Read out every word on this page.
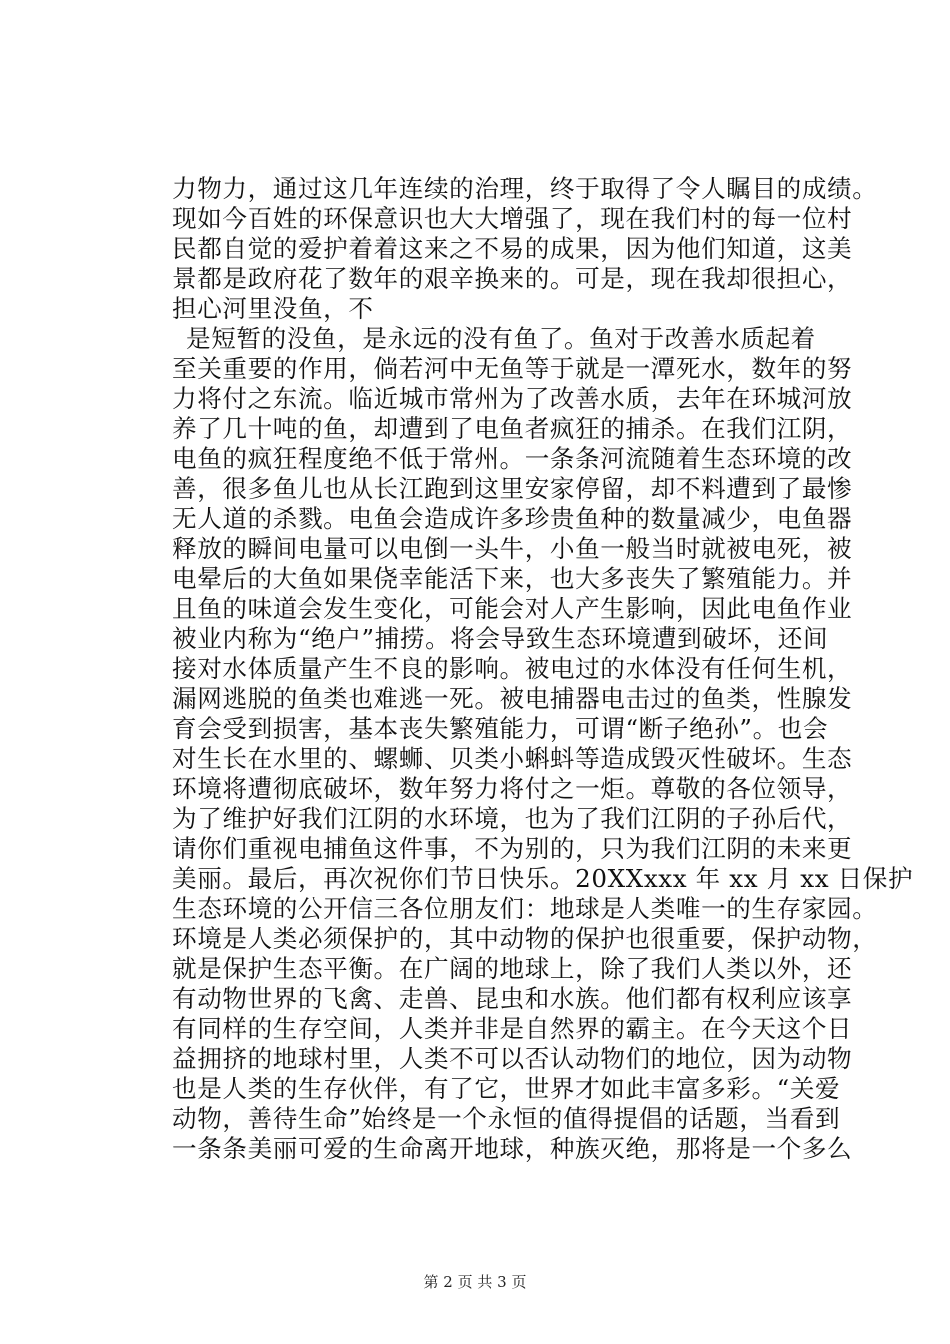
力物力，通过这几年连续的治理，终于取得了令人瞩目的成绩。

现如今百姓的环保意识也大大增强了，现在我们村的每一位村

民都自觉的爱护着着这来之不易的成果，因为他们知道，这美

景都是政府花了数年的艰辛换来的。可是，现在我却很担心，

担心河里没鱼，不

是短暂的没鱼，是永远的没有鱼了。鱼对于改善水质起着

至关重要的作用，倘若河中无鱼等于就是一潭死水，数年的努

力将付之东流。临近城市常州为了改善水质，去年在环城河放

养了几十吨的鱼，却遭到了电鱼者疯狂的捕杀。在我们江阴，

电鱼的疯狂程度绝不低于常州。一条条河流随着生态环境的改

善，很多鱼儿也从长江跑到这里安家停留，却不料遭到了最惨

无人道的杀戮。电鱼会造成许多珍贵鱼种的数量减少，电鱼器

释放的瞬间电量可以电倒一头牛，小鱼一般当时就被电死，被

电晕后的大鱼如果侥幸能活下来，也大多丧失了繁殖能力。并

且鱼的味道会发生变化，可能会对人产生影响，因此电鱼作业

被业内称为“绝户”捕捞。将会导致生态环境遭到破坏，还间

接对水体质量产生不良的影响。被电过的水体没有任何生机，

漏网逃脱的鱼类也难逃一死。被电捕器电击过的鱼类，性腺发

育会受到损害，基本丧失繁殖能力，可谓“断子绝孙”。也会

对生长在水里的、螺蛳、贝类小蝌蚪等造成毁灭性破坏。生态

环境将遭彻底破坏，数年努力将付之一炬。尊敬的各位领导，

为了维护好我们江阴的水环境，也为了我们江阴的子孙后代，

请你们重视电捕鱼这件事，不为别的，只为我们江阴的未来更

美丽。最后，再次祝你们节日快乐。20XXxxx 年 xx 月 xx 日保护

生态环境的公开信三各位朋友们：地球是人类唯一的生存家园。

环境是人类必须保护的，其中动物的保护也很重要，保护动物，

就是保护生态平衡。在广阔的地球上，除了我们人类以外，还

有动物世界的飞禽、走兽、昆虫和水族。他们都有权利应该享

有同样的生存空间，人类并非是自然界的霸主。在今天这个日

益拥挤的地球村里，人类不可以否认动物们的地位，因为动物

也是人类的生存伙伴，有了它，世界才如此丰富多彩。“关爱

动物，善待生命”始终是一个永恒的值得提倡的话题，当看到

一条条美丽可爱的生命离开地球，种族灭绝，那将是一个多么

第 2 页 共 3 页
